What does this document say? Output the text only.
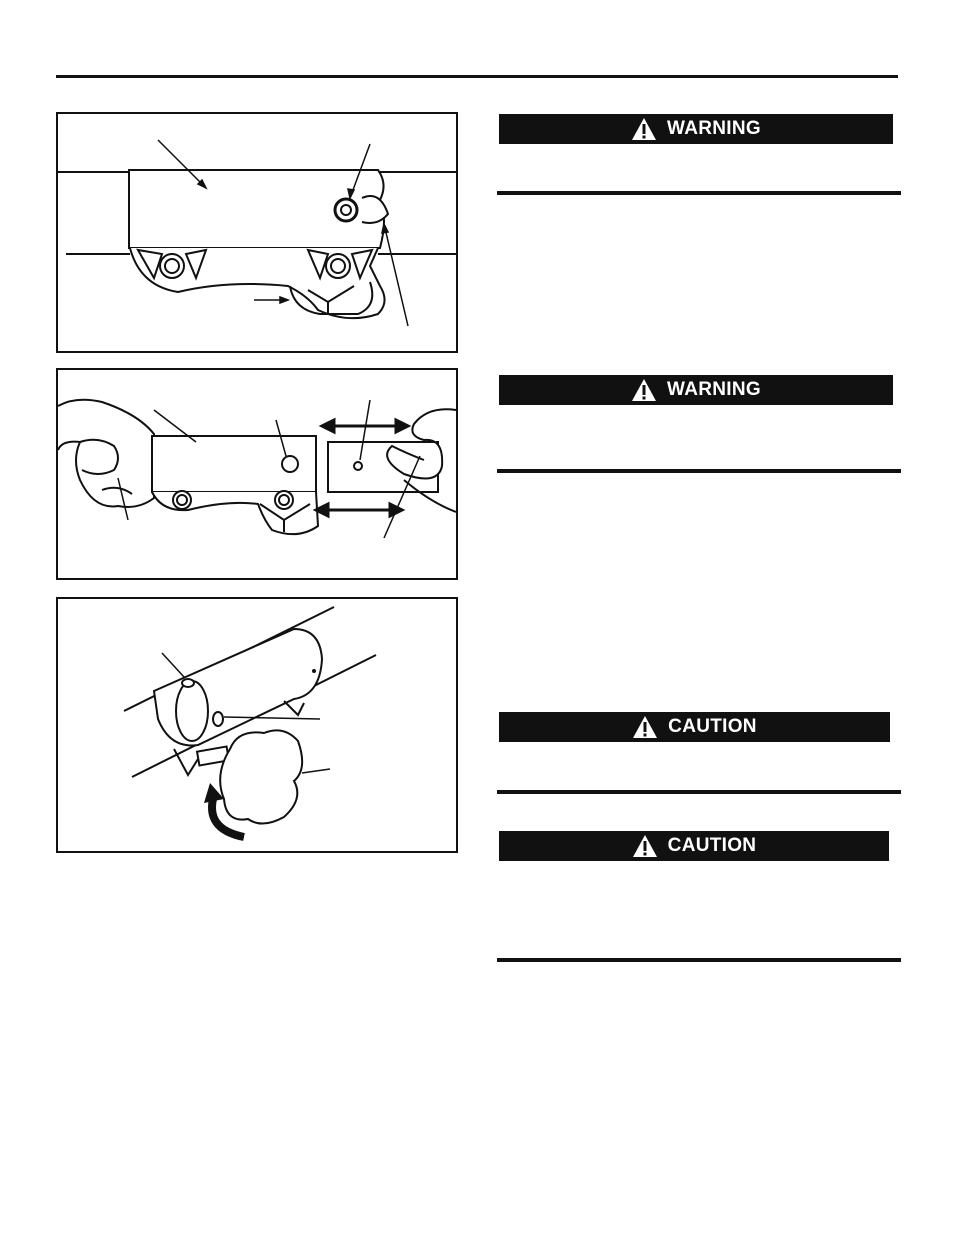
WARNING
WARNING
CAUTION
CAUTION
